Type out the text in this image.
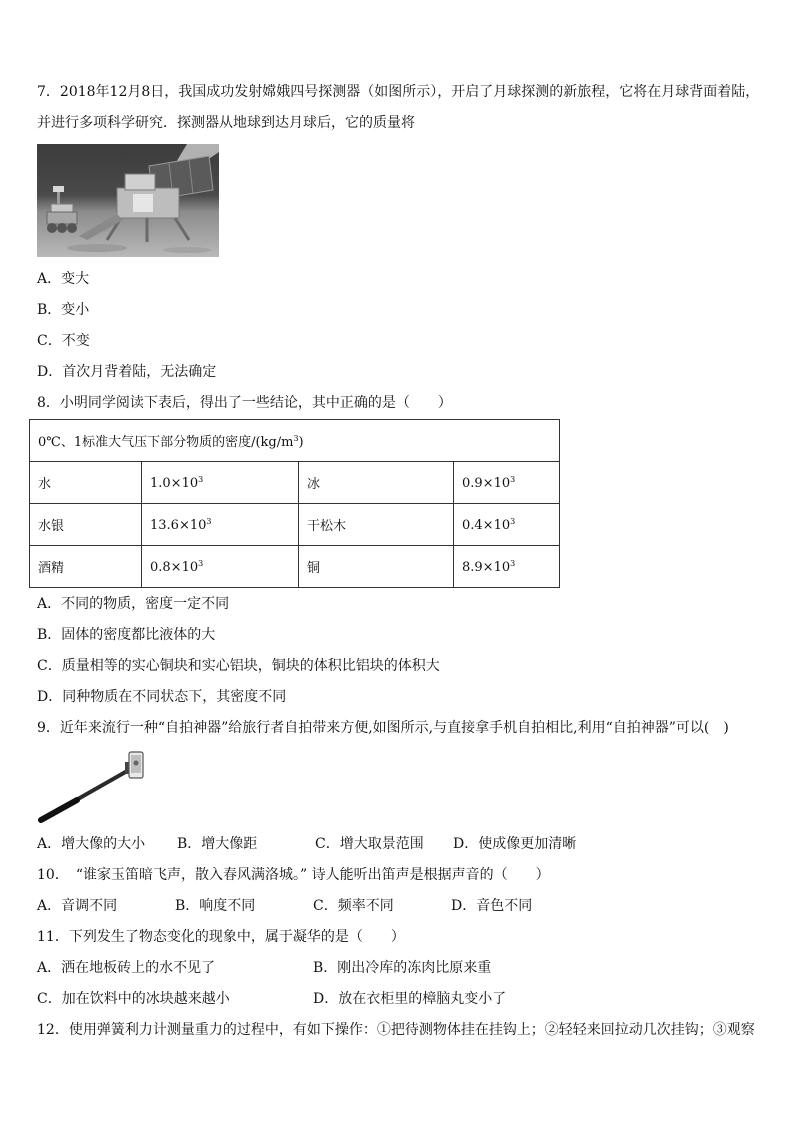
7．2018年12月8日，我国成功发射嫦娥四号探测器（如图所示），开启了月球探测的新旅程，它将在月球背面着陆，
并进行多项科学研究．探测器从地球到达月球后，它的质量将
A．变大
B．变小
C．不变
D．首次月背着陆，无法确定
8．小明同学阅读下表后，得出了一些结论，其中正确的是（　　）
0℃、1标准大气压下部分物质的密度$/(kg/m^3)$			
水	$1.0\times 10^3$	冰	$0.9\times 10^3$
水银	$13.6\times 10^3$	干松木	$0.4\times 10^3$
酒精	$0.8\times 10^3$	铜	$8.9\times 10^3$
A．不同的物质，密度一定不同
B．固体的密度都比液体的大
C．质量相等的实心铜块和实心铝块，铜块的体积比铝块的体积大
D．同种物质在不同状态下，其密度不同
9．近年来流行一种“自拍神器”给旅行者自拍带来方便,如图所示,与直接拿手机自拍相比,利用“自拍神器”可以(　)
A．增大像的大小	B．增大像距	C．增大取景范围	D．使成像更加清晰
10．　“谁家玉笛暗飞声，散入春风满洛城。” 诗人能听出笛声是根据声音的（　　）
A．音调不同	B．响度不同	C．频率不同	D．音色不同
11．下列发生了物态变化的现象中，属于凝华的是（　　）
A．洒在地板砖上的水不见了	B．刚出冷库的冻肉比原来重
C．加在饮料中的冰块越来越小	D．放在衣柜里的樟脑丸变小了
12．使用弹簧利力计测量重力的过程中，有如下操作：①把待测物体挂在挂钩上；②轻轻来回拉动几次挂钩；③观察
